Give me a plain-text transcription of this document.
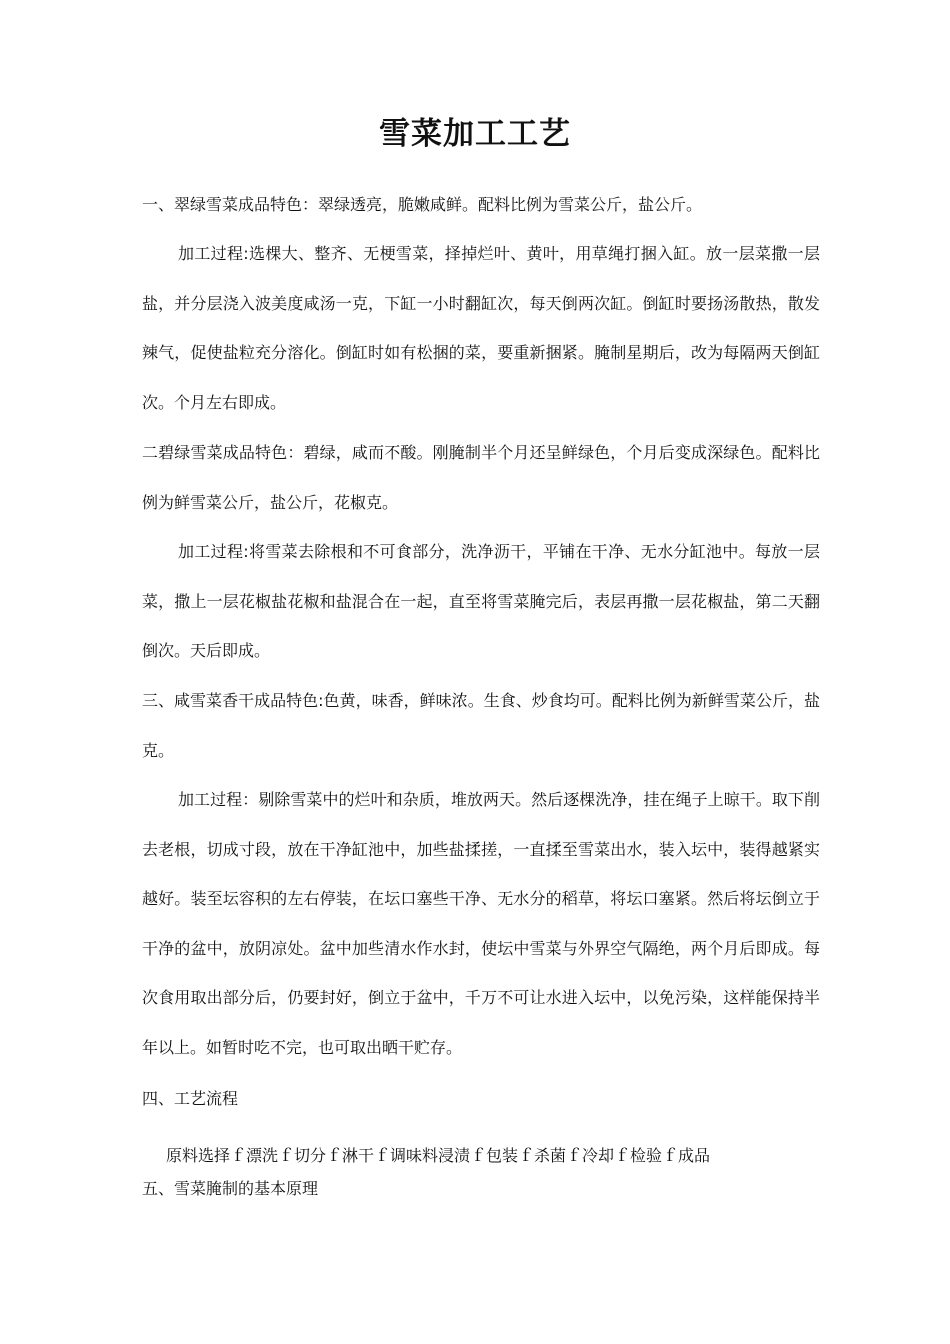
雪菜加工工艺

一、翠绿雪菜成品特色：翠绿透亮，脆嫩咸鲜。配料比例为雪菜公斤，盐公斤。

加工过程:选棵大、整齐、无梗雪菜，择掉烂叶、黄叶，用草绳打捆入缸。放一层菜撒一层盐，并分层浇入波美度咸汤一克，下缸一小时翻缸次，每天倒两次缸。倒缸时要扬汤散热，散发辣气，促使盐粒充分溶化。倒缸时如有松捆的菜，要重新捆紧。腌制星期后，改为每隔两天倒缸次。个月左右即成。

二碧绿雪菜成品特色：碧绿，咸而不酸。刚腌制半个月还呈鲜绿色，个月后变成深绿色。配料比例为鲜雪菜公斤，盐公斤，花椒克。

加工过程:将雪菜去除根和不可食部分，洗净沥干，平铺在干净、无水分缸池中。每放一层菜，撒上一层花椒盐花椒和盐混合在一起，直至将雪菜腌完后，表层再撒一层花椒盐，第二天翻倒次。天后即成。

三、咸雪菜香干成品特色:色黄，味香，鲜味浓。生食、炒食均可。配料比例为新鲜雪菜公斤，盐克。

加工过程：剔除雪菜中的烂叶和杂质，堆放两天。然后逐棵洗净，挂在绳子上晾干。取下削去老根，切成寸段，放在干净缸池中，加些盐揉搓，一直揉至雪菜出水，装入坛中，装得越紧实越好。装至坛容积的左右停装，在坛口塞些干净、无水分的稻草，将坛口塞紧。然后将坛倒立于干净的盆中，放阴凉处。盆中加些清水作水封，使坛中雪菜与外界空气隔绝，两个月后即成。每次食用取出部分后，仍要封好，倒立于盆中，千万不可让水进入坛中，以免污染，这样能保持半年以上。如暂时吃不完，也可取出晒干贮存。

四、工艺流程

原料选择ｆ漂洗ｆ切分ｆ淋干ｆ调味料浸渍ｆ包装ｆ杀菌ｆ冷却ｆ检验ｆ成品

五、雪菜腌制的基本原理
